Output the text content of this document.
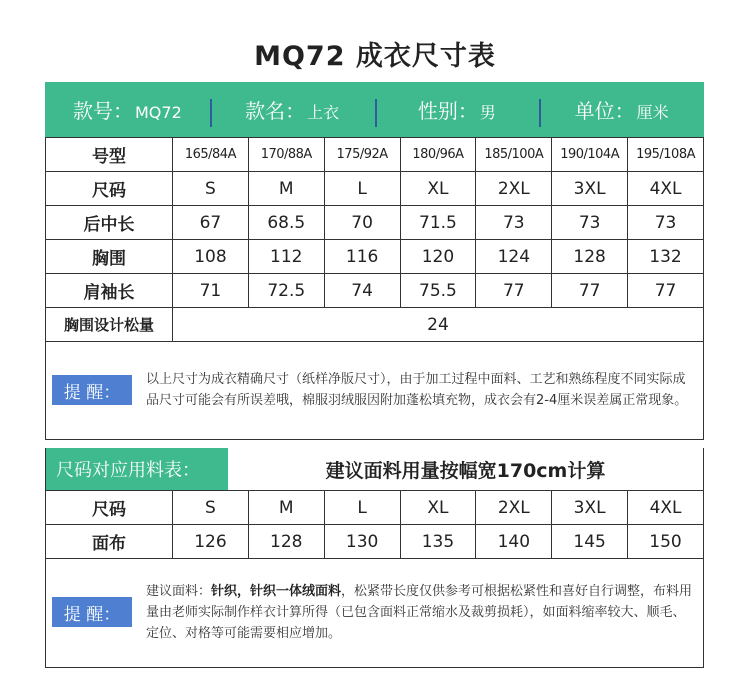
MQ72 成衣尺寸表
款号： MQ72	款名： 上衣	性别： 男	单位： 厘米
号型	165/84A	170/88A	175/92A	180/96A	185/100A	190/104A	195/108A
尺码	S	M	L	XL	2XL	3XL	4XL
后中长	67	68.5	70	71.5	73	73	73
胸围	108	112	116	120	124	128	132
肩袖长	71	72.5	74	75.5	77	77	77
胸围设计松量	24						
提 醒：
以上尺寸为成衣精确尺寸（纸样净版尺寸），由于加工过程中面料、工艺和熟练程度不同实际成品尺寸可能会有所误差哦，棉服羽绒服因附加蓬松填充物，成衣会有2-4厘米误差属正常现象。
尺码对应用料表：	建议面料用量按幅宽170cm计算
尺码	S	M	L	XL	2XL	3XL	4XL
面布	126	128	130	135	140	145	150
提 醒：
建议面料：针织，针织一体绒面料，松紧带长度仅供参考可根据松紧性和喜好自行调整，布料用量由老师实际制作样衣计算所得（已包含面料正常缩水及裁剪损耗），如面料缩率较大、顺毛、定位、对格等可能需要相应增加。
